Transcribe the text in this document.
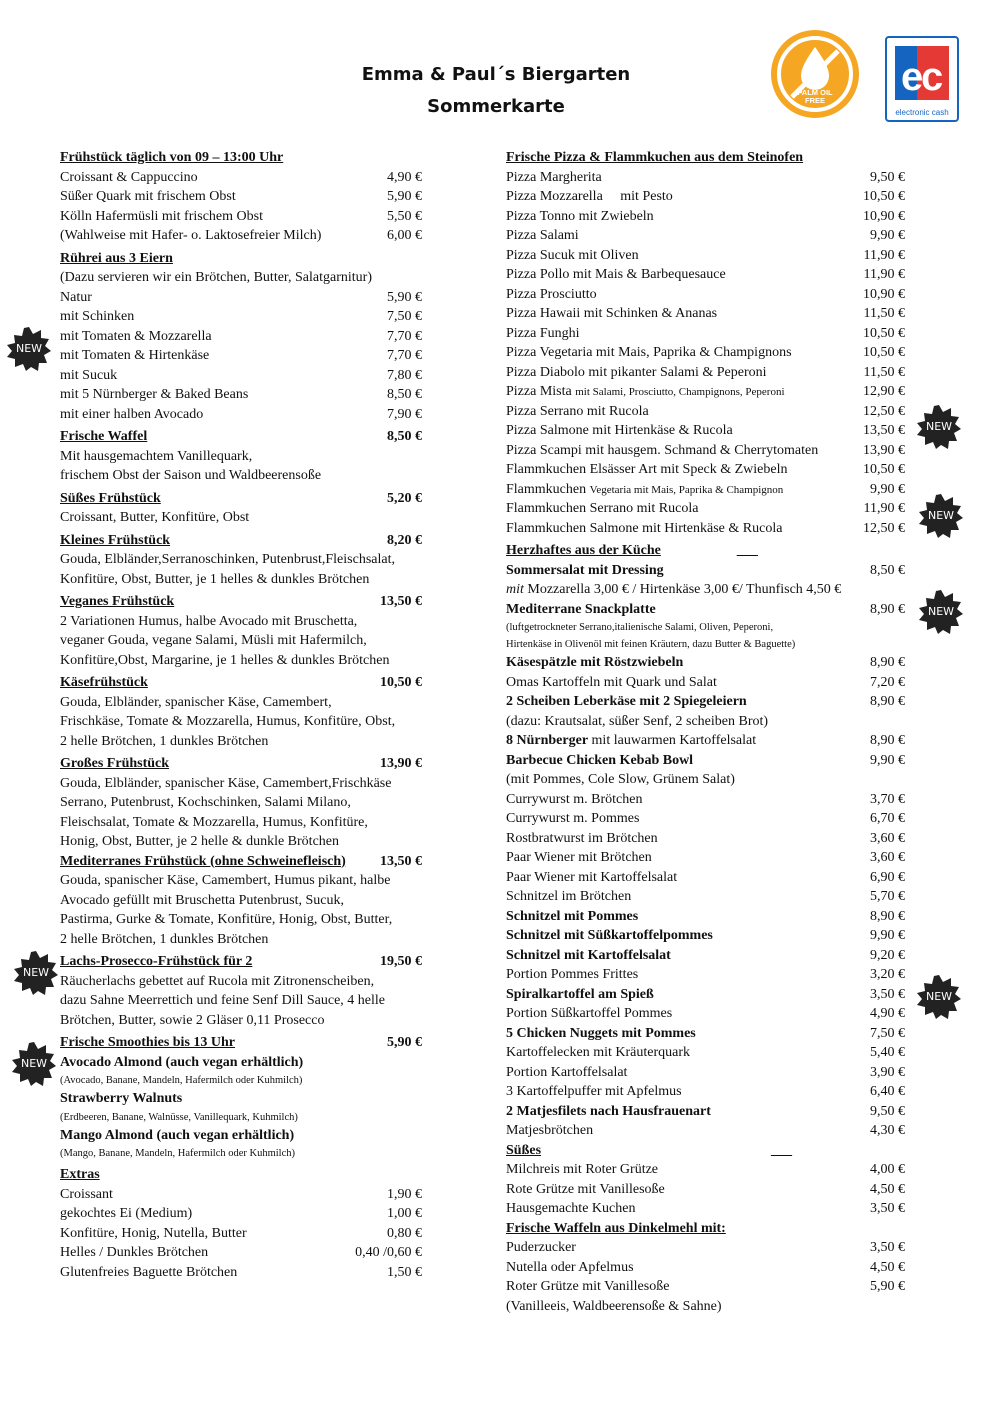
Emma & Paul´s Biergarten
Sommerkarte
PALM OIL
FREE
e
c
electronic cash
NEW
NEW
NEW
NEW
NEW
NEW
NEW
Frühstück täglich von 09 – 13:00 Uhr
Croissant & Cappuccino	4,90 €
Süßer Quark mit frischem Obst	5,90 €
Kölln Hafermüsli mit frischem Obst	5,50 €
(Wahlweise mit Hafer- o. Laktosefreier Milch)	6,00 €
Rührei aus 3 Eiern
(Dazu servieren wir ein Brötchen, Butter, Salatgarnitur)
Natur	5,90 €
mit Schinken	7,50 €
mit Tomaten & Mozzarella	7,70 €
mit Tomaten & Hirtenkäse	7,70 €
mit Sucuk	7,80 €
mit 5 Nürnberger & Baked Beans	8,50 €
mit einer halben Avocado	7,90 €
Frische Waffel	8,50 €
Mit hausgemachtem Vanillequark,
frischem Obst der Saison und Waldbeerensoße
Süßes Frühstück	5,20 €
Croissant, Butter, Konfitüre, Obst
Kleines Frühstück	8,20 €
Gouda, Elbländer,Serranoschinken, Putenbrust,Fleischsalat,
Konfitüre, Obst, Butter, je 1 helles & dunkles Brötchen
Veganes Frühstück	13,50 €
2 Variationen Humus, halbe Avocado mit Bruschetta,
veganer Gouda, vegane Salami, Müsli mit Hafermilch,
Konfitüre,Obst, Margarine, je 1 helles & dunkles Brötchen
Käsefrühstück	10,50 €
Gouda, Elbländer, spanischer Käse, Camembert,
Frischkäse, Tomate & Mozzarella, Humus, Konfitüre, Obst,
2 helle Brötchen, 1 dunkles Brötchen
Großes Frühstück	13,90 €
Gouda, Elbländer, spanischer Käse, Camembert,Frischkäse
Serrano, Putenbrust, Kochschinken, Salami Milano,
Fleischsalat, Tomate & Mozzarella, Humus, Konfitüre,
Honig, Obst, Butter, je 2 helle & dunkle Brötchen
Mediterranes Frühstück (ohne Schweinefleisch) 13,50 €
Gouda, spanischer Käse, Camembert, Humus pikant, halbe
Avocado gefüllt mit Bruschetta Putenbrust, Sucuk,
Pastirma, Gurke & Tomate, Konfitüre, Honig, Obst, Butter,
2 helle Brötchen, 1 dunkles Brötchen
Lachs-Prosecco-Frühstück für 2	19,50 €
Räucherlachs gebettet auf Rucola mit Zitronenscheiben,
dazu Sahne Meerrettich und feine Senf Dill Sauce, 4 helle
Brötchen, Butter, sowie 2 Gläser 0,11 Prosecco
Frische Smoothies bis 13 Uhr	5,90 €
Avocado Almond (auch vegan erhältlich)
(Avocado, Banane, Mandeln, Hafermilch oder Kuhmilch)
Strawberry Walnuts
(Erdbeeren, Banane, Walnüsse, Vanillequark, Kuhmilch)
Mango Almond (auch vegan erhältlich)
(Mango, Banane, Mandeln, Hafermilch oder Kuhmilch)
Extras
Croissant	1,90 €
gekochtes Ei (Medium)	1,00 €
Konfitüre, Honig, Nutella, Butter	0,80 €
Helles / Dunkles Brötchen	0,40 /0,60 €
Glutenfreies Baguette Brötchen	1,50 €
Frische Pizza & Flammkuchen aus dem Steinofen
Pizza Margherita	9,50 €
Pizza Mozzarella     mit Pesto	10,50 €
Pizza Tonno mit Zwiebeln	10,90 €
Pizza Salami	9,90 €
Pizza Sucuk mit Oliven	11,90 €
Pizza Pollo mit Mais & Barbequesauce	11,90 €
Pizza Prosciutto	10,90 €
Pizza Hawaii mit Schinken & Ananas	11,50 €
Pizza Funghi	10,50 €
Pizza Vegetaria mit Mais, Paprika & Champignons	10,50 €
Pizza Diabolo mit pikanter Salami & Peperoni	11,50 €
Pizza Mista mit Salami, Prosciutto, Champignons, Peperoni	12,90 €
Pizza Serrano mit Rucola	12,50 €
Pizza Salmone mit Hirtenkäse & Rucola	13,50 €
Pizza Scampi mit hausgem. Schmand & Cherrytomaten	13,90 €
Flammkuchen Elsässer Art mit Speck & Zwiebeln	10,50 €
Flammkuchen Vegetaria mit Mais, Paprika & Champignon	9,90 €
Flammkuchen Serrano mit Rucola	11,90 €
Flammkuchen Salmone mit Hirtenkäse & Rucola	12,50 €
Herzhaftes aus der Küche	___
Sommersalat mit Dressing	8,50 €
mit Mozzarella 3,00 € / Hirtenkäse 3,00 €/ Thunfisch 4,50 €
Mediterrane Snackplatte	8,90 €
(luftgetrockneter Serrano,italienische Salami, Oliven, Peperoni,
Hirtenkäse in Olivenöl mit feinen Kräutern, dazu Butter & Baguette)
Käsespätzle mit Röstzwiebeln	8,90 €
Omas Kartoffeln mit Quark und Salat	7,20 €
2 Scheiben Leberkäse mit 2 Spiegeleiern	8,90 €
(dazu: Krautsalat, süßer Senf, 2 scheiben Brot)
8 Nürnberger mit lauwarmen Kartoffelsalat	8,90 €
Barbecue Chicken Kebab Bowl	9,90 €
(mit Pommes, Cole Slow, Grünem Salat)
Currywurst m. Brötchen	3,70 €
Currywurst m. Pommes	6,70 €
Rostbratwurst im Brötchen	3,60 €
Paar Wiener mit Brötchen	3,60 €
Paar Wiener mit Kartoffelsalat	6,90 €
Schnitzel im Brötchen	5,70 €
Schnitzel mit Pommes	8,90 €
Schnitzel mit Süßkartoffelpommes	9,90 €
Schnitzel mit Kartoffelsalat	9,20 €
Portion Pommes Frittes	3,20 €
Spiralkartoffel am Spieß	3,50 €
Portion Süßkartoffel Pommes	4,90 €
5 Chicken Nuggets mit Pommes	7,50 €
Kartoffelecken mit Kräuterquark	5,40 €
Portion Kartoffelsalat	3,90 €
3 Kartoffelpuffer mit Apfelmus	6,40 €
2 Matjesfilets nach Hausfrauenart	9,50 €
Matjesbrötchen	4,30 €
Süßes	___
Milchreis mit Roter Grütze	4,00 €
Rote Grütze mit Vanillesoße	4,50 €
Hausgemachte Kuchen	3,50 €
Frische Waffeln aus Dinkelmehl mit:
Puderzucker	3,50 €
Nutella oder Apfelmus	4,50 €
Roter Grütze mit Vanillesoße	5,90 €
(Vanilleeis, Waldbeerensoße & Sahne)
